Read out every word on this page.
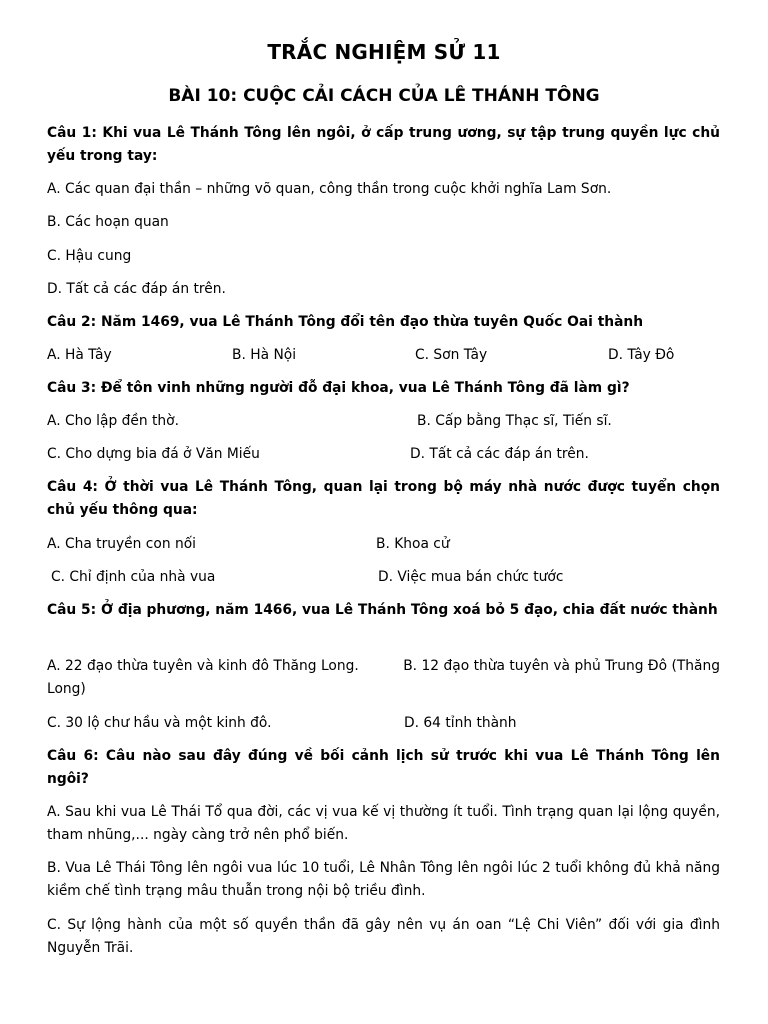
TRẮC NGHIỆM SỬ 11
BÀI 10: CUỘC CẢI CÁCH CỦA LÊ THÁNH TÔNG
Câu 1: Khi vua Lê Thánh Tông lên ngôi, ở cấp trung ương, sự tập trung quyền lực chủ yếu trong tay:
A. Các quan đại thần – những võ quan, công thần trong cuộc khởi nghĩa Lam Sơn.
B. Các hoạn quan
C. Hậu cung
D. Tất cả các đáp án trên.
Câu 2: Năm 1469, vua Lê Thánh Tông đổi tên đạo thừa tuyên Quốc Oai thành
A. Hà Tây	B. Hà Nội	C. Sơn Tây	D. Tây Đô
Câu 3: Để tôn vinh những người đỗ đại khoa, vua Lê Thánh Tông đã làm gì?
A. Cho lập đền thờ.	B. Cấp bằng Thạc sĩ, Tiến sĩ.
C. Cho dựng bia đá ở Văn Miếu	D. Tất cả các đáp án trên.
Câu 4: Ở thời vua Lê Thánh Tông, quan lại trong bộ máy nhà nước được tuyển chọn chủ yếu thông qua:
A. Cha truyền con nối	B. Khoa cử
C. Chỉ định của nhà vua	D. Việc mua bán chức tước
Câu 5: Ở địa phương, năm 1466, vua Lê Thánh Tông xoá bỏ 5 đạo, chia đất nước thành
A. 22 đạo thừa tuyên và kinh đô Thăng Long.          B. 12 đạo thừa tuyên và phủ Trung Đô (Thăng Long)
C. 30 lộ chư hầu và một kinh đô.	D. 64 tỉnh thành
Câu 6: Câu nào sau đây đúng về bối cảnh lịch sử trước khi vua Lê Thánh Tông lên ngôi?
A. Sau khi vua Lê Thái Tổ qua đời, các vị vua kế vị thường ít tuổi. Tình trạng quan lại lộng quyền, tham nhũng,... ngày càng trở nên phổ biến.
B. Vua Lê Thái Tông lên ngôi vua lúc 10 tuổi, Lê Nhân Tông lên ngôi lúc 2 tuổi không đủ khả năng kiềm chế tình trạng mâu thuẫn trong nội bộ triều đình.
C. Sự lộng hành của một số quyền thần đã gây nên vụ án oan “Lệ Chi Viên” đối với gia đình Nguyễn Trãi.
